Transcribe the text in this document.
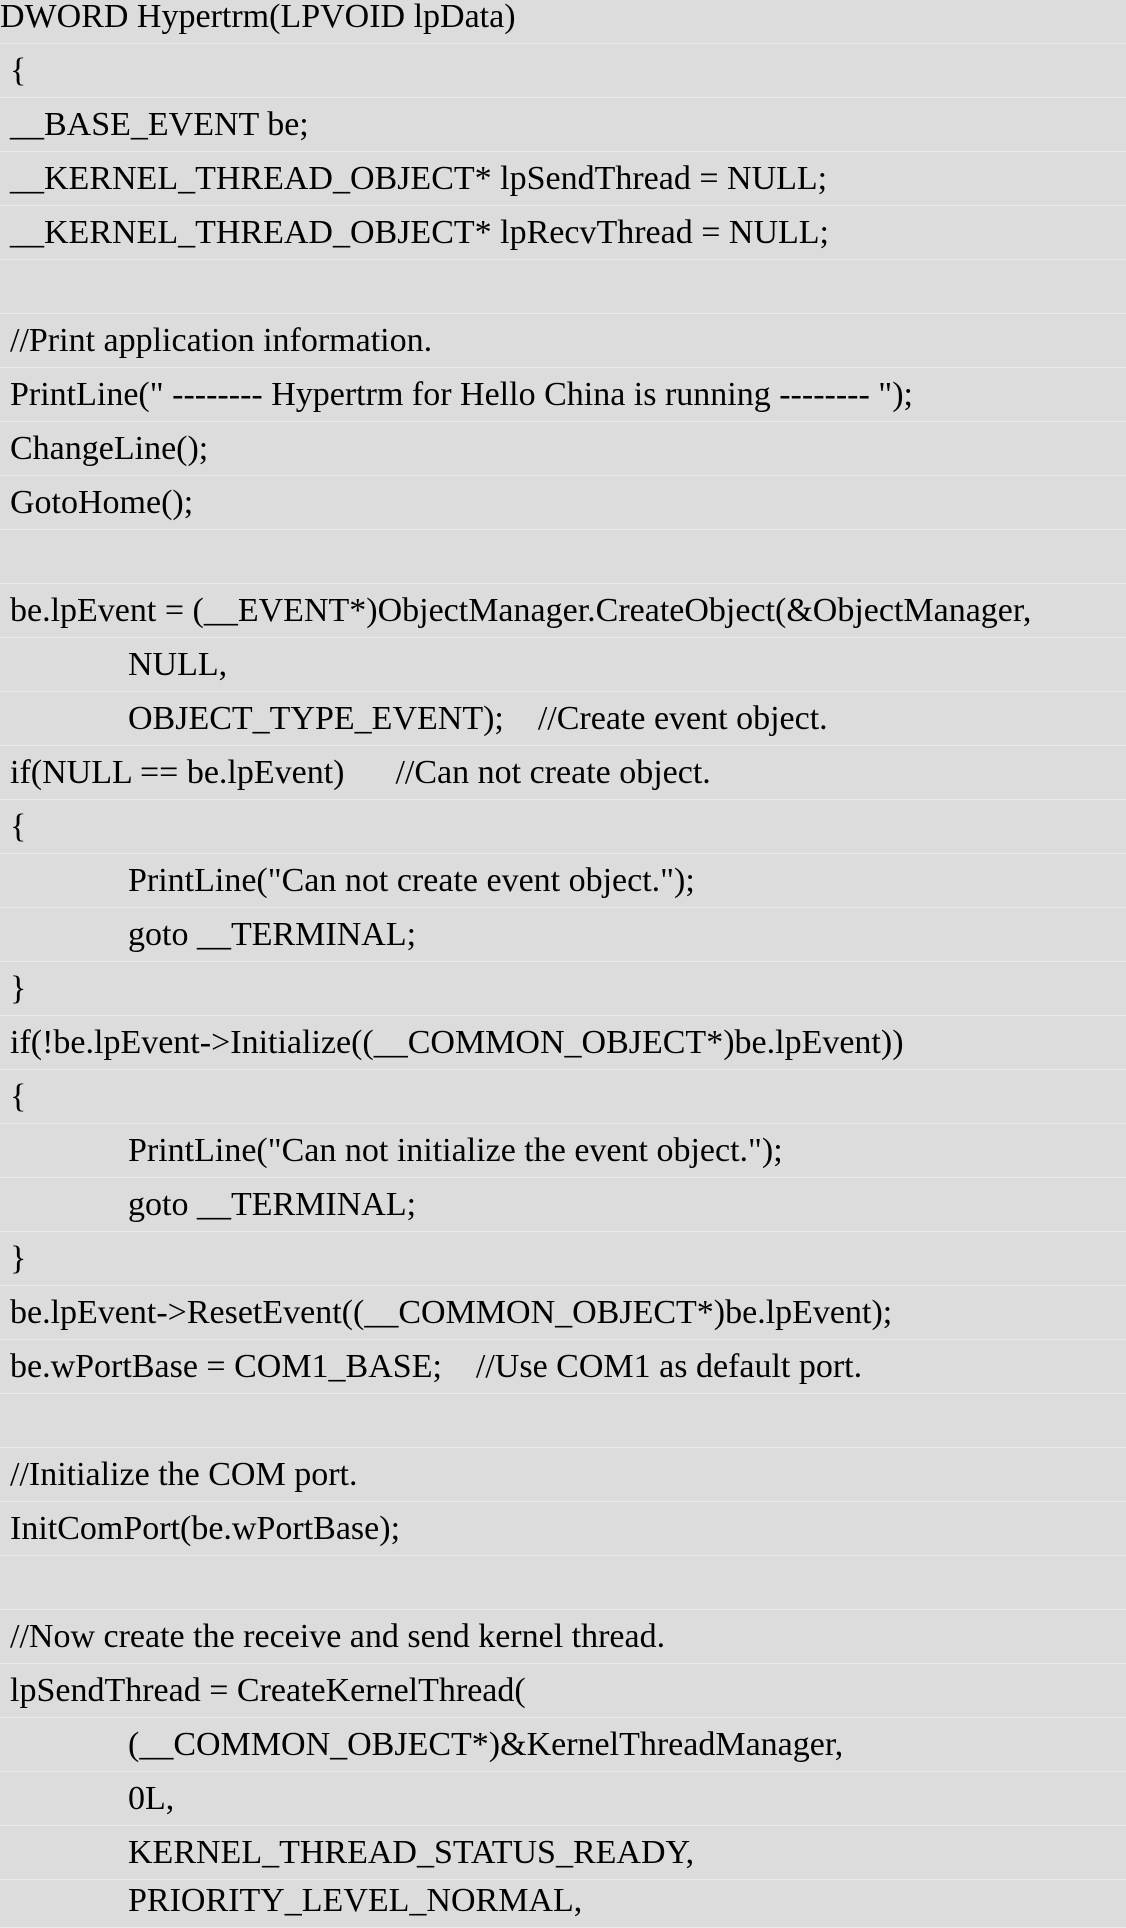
DWORD Hypertrm(LPVOID lpData)
{
__BASE_EVENT be;
__KERNEL_THREAD_OBJECT* lpSendThread = NULL;
__KERNEL_THREAD_OBJECT* lpRecvThread = NULL;
//Print application information.
PrintLine(" -------- Hypertrm for Hello China is running -------- ");
ChangeLine();
GotoHome();
be.lpEvent = (__EVENT*)ObjectManager.CreateObject(&ObjectManager,
NULL,
OBJECT_TYPE_EVENT);    //Create event object.
if(NULL == be.lpEvent)      //Can not create object.
{
PrintLine("Can not create event object.");
goto __TERMINAL;
}
if(!be.lpEvent->Initialize((__COMMON_OBJECT*)be.lpEvent))
{
PrintLine("Can not initialize the event object.");
goto __TERMINAL;
}
be.lpEvent->ResetEvent((__COMMON_OBJECT*)be.lpEvent);
be.wPortBase = COM1_BASE;    //Use COM1 as default port.
//Initialize the COM port.
InitComPort(be.wPortBase);
//Now create the receive and send kernel thread.
lpSendThread = CreateKernelThread(
(__COMMON_OBJECT*)&KernelThreadManager,
0L,
KERNEL_THREAD_STATUS_READY,
PRIORITY_LEVEL_NORMAL,
